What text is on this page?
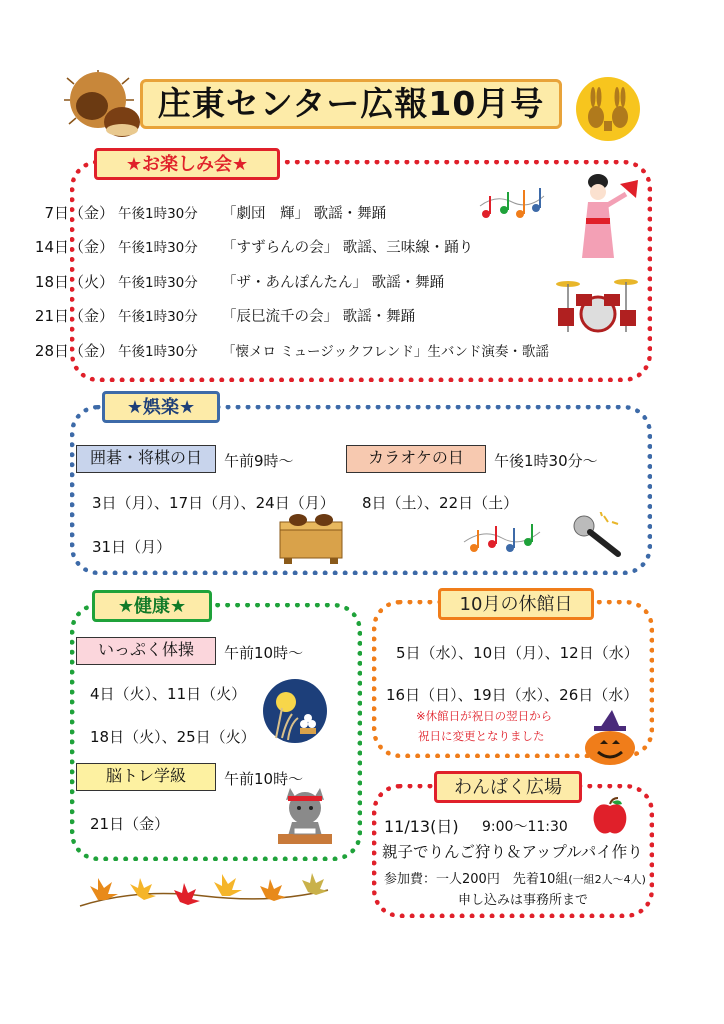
庄東センター広報10月号
★お楽しみ会★
7日（金） 午後1時30分 「劇団　輝」 歌謡・舞踊
14日（金） 午後1時30分 「すずらんの会」 歌謡、三味線・踊り
18日（火） 午後1時30分 「ザ・あんぽんたん」 歌謡・舞踊
21日（金） 午後1時30分 「辰巳流千の会」 歌謡・舞踊
28日（金） 午後1時30分 「懐メロ ミュージックフレンド」生バンド演奏・歌謡
★娯楽★
囲碁・将棋の日	午前9時～	カラオケの日	午後1時30分～
3日（月）、17日（月）、24日（月） 8日（土）、22日（土）
31日（月）
★健康★
いっぷく体操	午前10時～
4日（火）、11日（火）
18日（火）、25日（火）
脳トレ学級	午前10時～
21日（金）
10月の休館日
5日（水）、10日（月）、12日（水）
16日（日）、19日（水）、26日（水）
※休館日が祝日の翌日から
祝日に変更となりました
わんぱく広場
11/13(日) 9:00～11:30
親子でりんご狩り＆アップルパイ作り
参加費：一人200円　先着10組(一組2人～4人)
申し込みは事務所まで
